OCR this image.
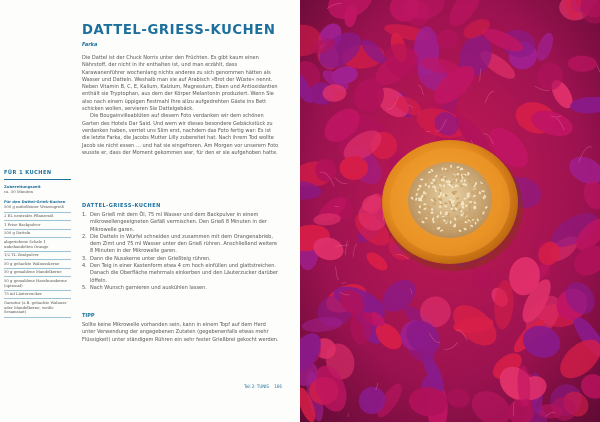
DATTEL-GRIESS-KUCHEN

Farka

Die Dattel ist der Chuck Norris unter den Früchten. Es gibt kaum einen Nährstoff, der nicht in ihr enthalten ist, und man erzählt, dass Karawanenführer wochenlang nichts anderes zu sich genommen hätten als Wasser und Datteln. Weshalb man sie auf Arabisch »Brot der Wüste« nennt. Neben Vitamin B, C, E, Kalium, Kalzium, Magnesium, Eisen und Antioxidantien enthält sie Tryptophan, aus dem der Körper Melantonin produziert. Wenn Sie also nach einem üppigen Festmahl Ihre allzu aufgedrehten Gäste ins Bett schicken wollen, servieren Sie Dattelgebäck.

Die Bougainvilleablüten auf diesem Foto verdanken wir dem schönen Garten des Hotels Dar Said. Und wem wir dieses besondere Gebäckstück zu verdanken haben, verriet uns Slim erst, nachdem das Foto fertig war: Es ist die letzte Farka, die Jacobs Mutter Lilly zubereitet hat. Nach ihrem Tod wollte Jacob sie nicht essen … und hat sie eingefroren. Am Morgen vor unserem Foto wusste er, dass der Moment gekommen war, für den er sie aufgehoben hatte.

FÜR 1 KUCHEN
Zubereitungszeit
ca. 30 Minuten
Für den Dattel-Grieß-Kuchen
500 g mittelfeiner Weizengrieß
2 EL neutrales Pflanzenöl
1 Prise Backpulver
200 g Datteln
abgeriebene Schale 1 unbehandelten Orange
1/2 TL Zimtpulver
50 g gehackte Walnusskerne
50 g gemahlene Mandelkerne
50 g gemahlene Haselnusskerne (optional)
75 ml Läuterzucker
Garnitur (z.B. gehackte Walnuss- oder Mandelkerne, weiße Sesamsaat)
DATTEL-GRIESS-KUCHEN
1. Den Grieß mit dem Öl, 75 ml Wasser und dem Backpulver in einem mikrowellengeeigneten Gefäß vermischen. Den Grieß 8 Minuten in der Mikrowelle garen.
2. Die Datteln in Würfel schneiden und zusammen mit dem Orangenabrieb, dem Zimt und 75 ml Wasser unter den Grieß rühren. Anschließend weitere 8 Minuten in der Mikrowelle garen.
3. Dann die Nusskerne unter den Grießteig rühren.
4. Den Teig in einer Kastenform etwa 4 cm hoch einfüllen und glattstreichen. Danach die Oberfläche mehrmals einkerben und den Läuterzucker darüber löffeln.
5. Nach Wunsch garnieren und auskühlen lassen.
TIPP

Sollte keine Mikrowelle vorhanden sein, kann in einem Topf auf dem Herd unter Verwendung der angegebenen Zutaten (gegebenenfalls etwas mehr Flüssigkeit) unter ständigem Rühren ein sehr fester Grießbrei gekocht werden.

Teil 2: TUNIS 166
